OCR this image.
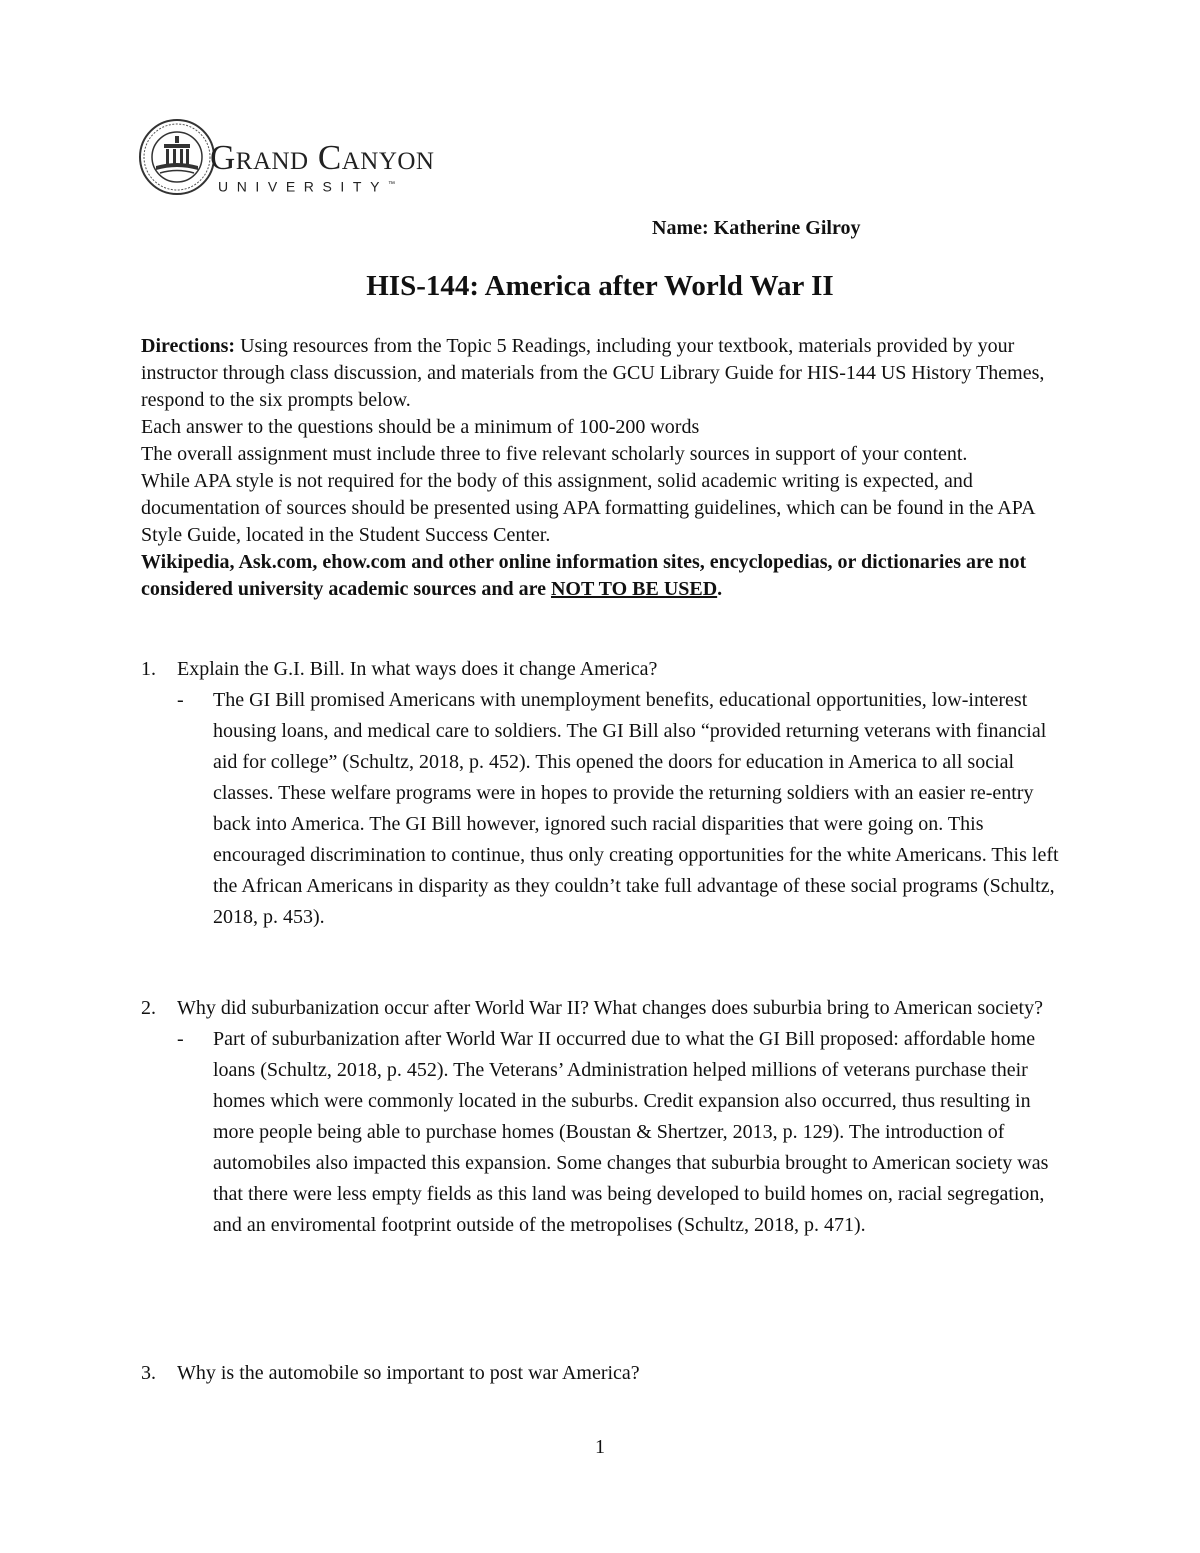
Grand Canyon
UNIVERSITY™
Name: Katherine Gilroy
HIS-144: America after World War II

Directions: Using resources from the Topic 5 Readings, including your textbook, materials provided by your instructor through class discussion, and materials from the GCU Library Guide for HIS-144 US History Themes, respond to the six prompts below.

Each answer to the questions should be a minimum of 100-200 words

The overall assignment must include three to five relevant scholarly sources in support of your content.

While APA style is not required for the body of this assignment, solid academic writing is expected, and documentation of sources should be presented using APA formatting guidelines, which can be found in the APA Style Guide, located in the Student Success Center.

Wikipedia, Ask.com, ehow.com and other online information sites, encyclopedias, or dictionaries are not considered university academic sources and are NOT TO BE USED.

1. Explain the G.I. Bill. In what ways does it change America?
- The GI Bill promised Americans with unemployment benefits, educational opportunities, low-interest housing loans, and medical care to soldiers. The GI Bill also “provided returning veterans with financial aid for college” (Schultz, 2018, p. 452). This opened the doors for education in America to all social classes. These welfare programs were in hopes to provide the returning soldiers with an easier re-entry back into America. The GI Bill however, ignored such racial disparities that were going on. This encouraged discrimination to continue, thus only creating opportunities for the white Americans. This left the African Americans in disparity as they couldn’t take full advantage of these social programs (Schultz, 2018, p. 453).
2. Why did suburbanization occur after World War II? What changes does suburbia bring to American society?
- Part of suburbanization after World War II occurred due to what the GI Bill proposed: affordable home loans (Schultz, 2018, p. 452). The Veterans’ Administration helped millions of veterans purchase their homes which were commonly located in the suburbs. Credit expansion also occurred, thus resulting in more people being able to purchase homes (Boustan & Shertzer, 2013, p. 129). The introduction of automobiles also impacted this expansion. Some changes that suburbia brought to American society was that there were less empty fields as this land was being developed to build homes on, racial segregation, and an enviromental footprint outside of the metropolises (Schultz, 2018, p. 471).
3. Why is the automobile so important to post war America?
1
